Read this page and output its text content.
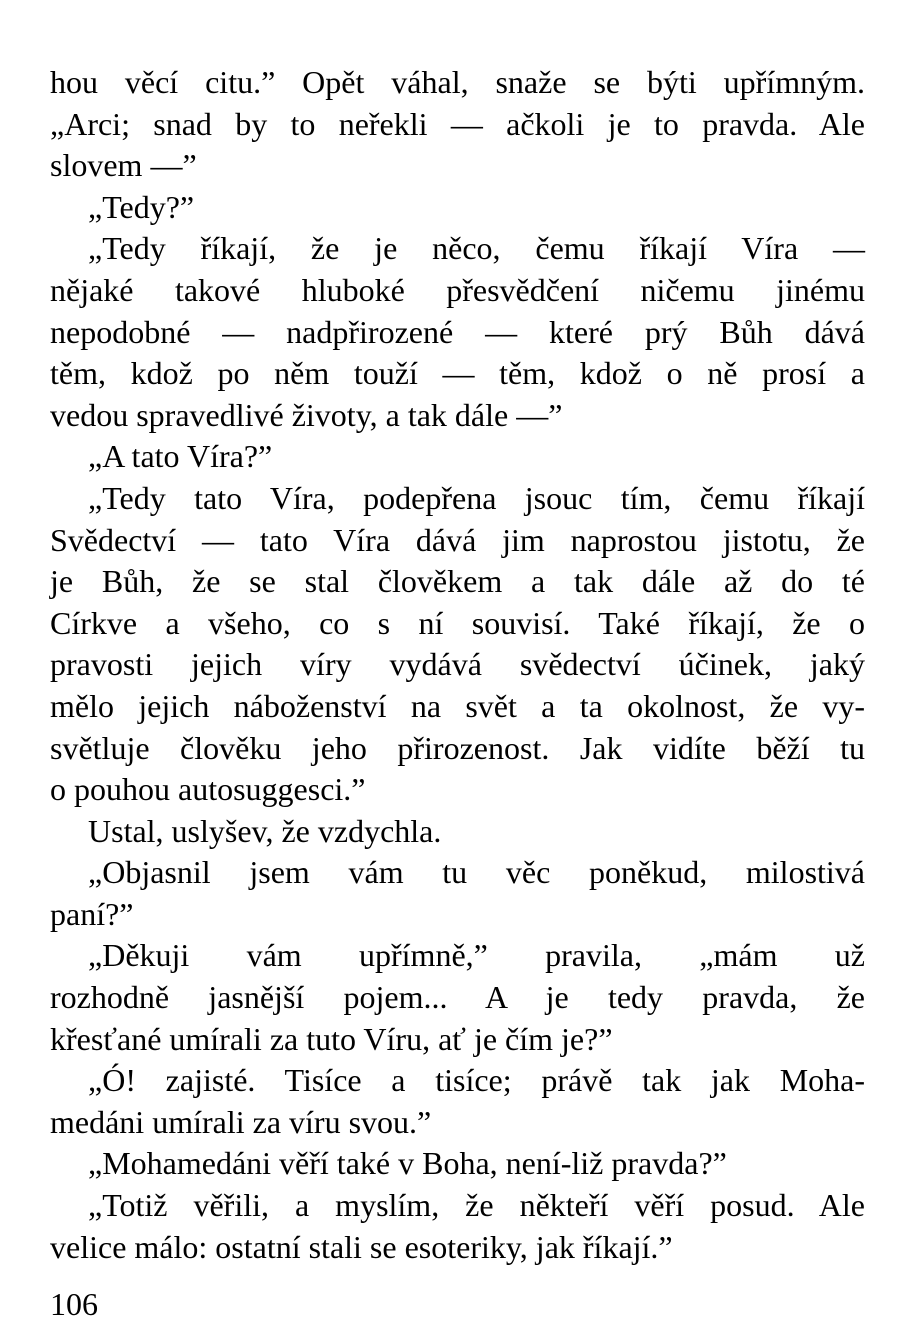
hou věcí citu.” Opět váhal, snaže se býti upřímným.
„Arci; snad by to neřekli — ačkoli je to pravda. Ale
slovem —”
„Tedy?”
„Tedy říkají, že je něco, čemu říkají Víra —
nějaké takové hluboké přesvědčení ničemu jinému
nepodobné — nadpřirozené — které prý Bůh dává
těm, kdož po něm touží — těm, kdož o ně prosí a
vedou spravedlivé životy, a tak dále —”
„A tato Víra?”
„Tedy tato Víra, podepřena jsouc tím, čemu říkají
Svědectví — tato Víra dává jim naprostou jistotu, že
je Bůh, že se stal člověkem a tak dále až do té
Církve a všeho, co s ní souvisí. Také říkají, že o
pravosti jejich víry vydává svědectví účinek, jaký
mělo jejich náboženství na svět a ta okolnost, že vy-
světluje člověku jeho přirozenost. Jak vidíte běží tu
o pouhou autosuggesci.”
Ustal, uslyšev, že vzdychla.
„Objasnil jsem vám tu věc poněkud, milostivá
paní?”
„Děkuji vám upřímně,” pravila, „mám už
rozhodně jasnější pojem... A je tedy pravda, že
křesťané umírali za tuto Víru, ať je čím je?”
„Ó! zajisté. Tisíce a tisíce; právě tak jak Moha-
medáni umírali za víru svou.”
„Mohamedáni věří také v Boha, není-liž pravda?”
„Totiž věřili, a myslím, že někteří věří posud. Ale
velice málo: ostatní stali se esoteriky, jak říkají.”
106
